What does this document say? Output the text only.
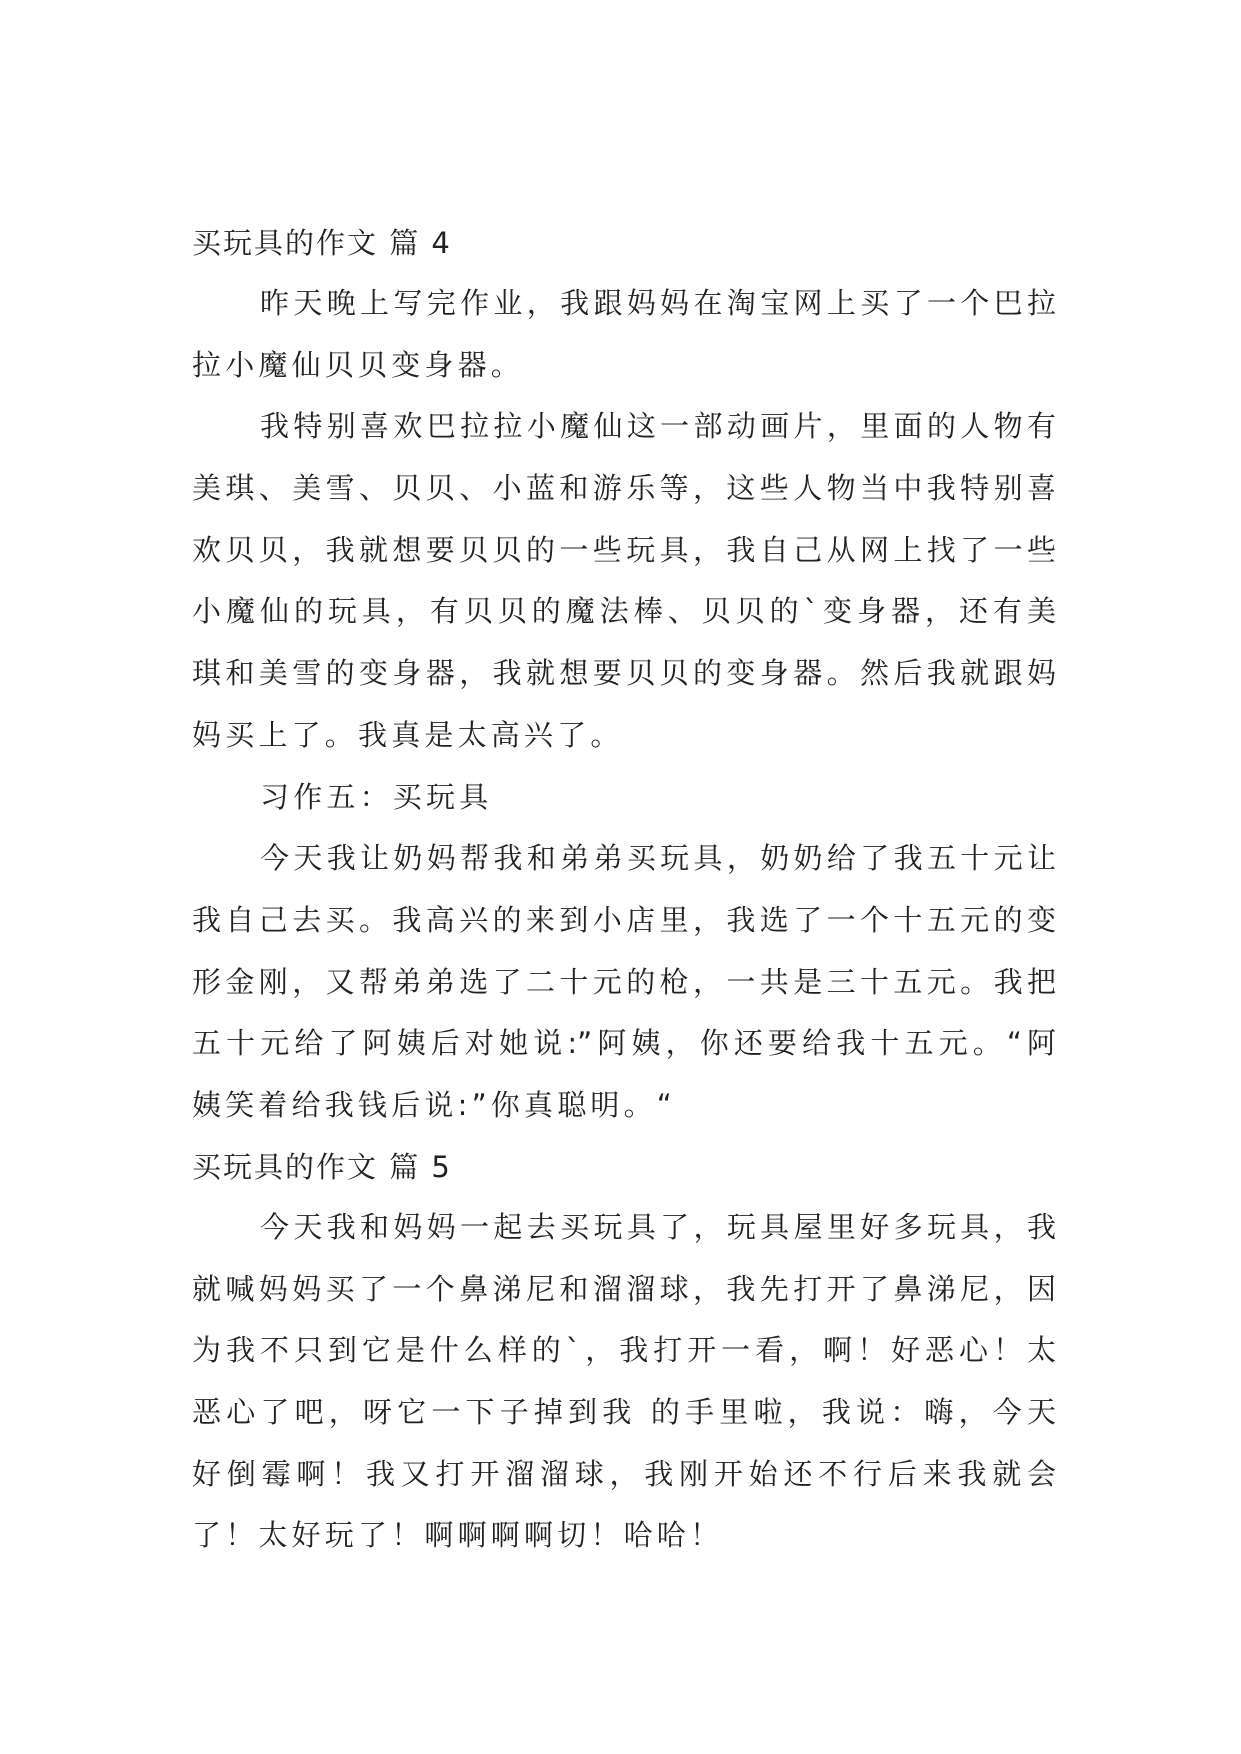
买玩具的作文 篇 4
昨天晚上写完作业，我跟妈妈在淘宝网上买了一个巴拉
拉小魔仙贝贝变身器。
我特别喜欢巴拉拉小魔仙这一部动画片，里面的人物有
美琪、美雪、贝贝、小蓝和游乐等，这些人物当中我特别喜
欢贝贝，我就想要贝贝的一些玩具，我自己从网上找了一些
小魔仙的玩具，有贝贝的魔法棒、贝贝的`变身器，还有美
琪和美雪的变身器，我就想要贝贝的变身器。然后我就跟妈
妈买上了。我真是太高兴了。
习作五：买玩具
今天我让奶妈帮我和弟弟买玩具，奶奶给了我五十元让
我自己去买。我高兴的来到小店里，我选了一个十五元的变
形金刚，又帮弟弟选了二十元的枪，一共是三十五元。我把
五十元给了阿姨后对她说:”阿姨，你还要给我十五元。“阿
姨笑着给我钱后说:”你真聪明。“
买玩具的作文 篇 5
今天我和妈妈一起去买玩具了，玩具屋里好多玩具，我
就喊妈妈买了一个鼻涕尼和溜溜球，我先打开了鼻涕尼，因
为我不只到它是什么样的`，我打开一看，啊！好恶心！太
恶心了吧，呀它一下子掉到我 的手里啦，我说：嗨，今天
好倒霉啊！我又打开溜溜球，我刚开始还不行后来我就会
了！太好玩了！啊啊啊啊切！哈哈！
